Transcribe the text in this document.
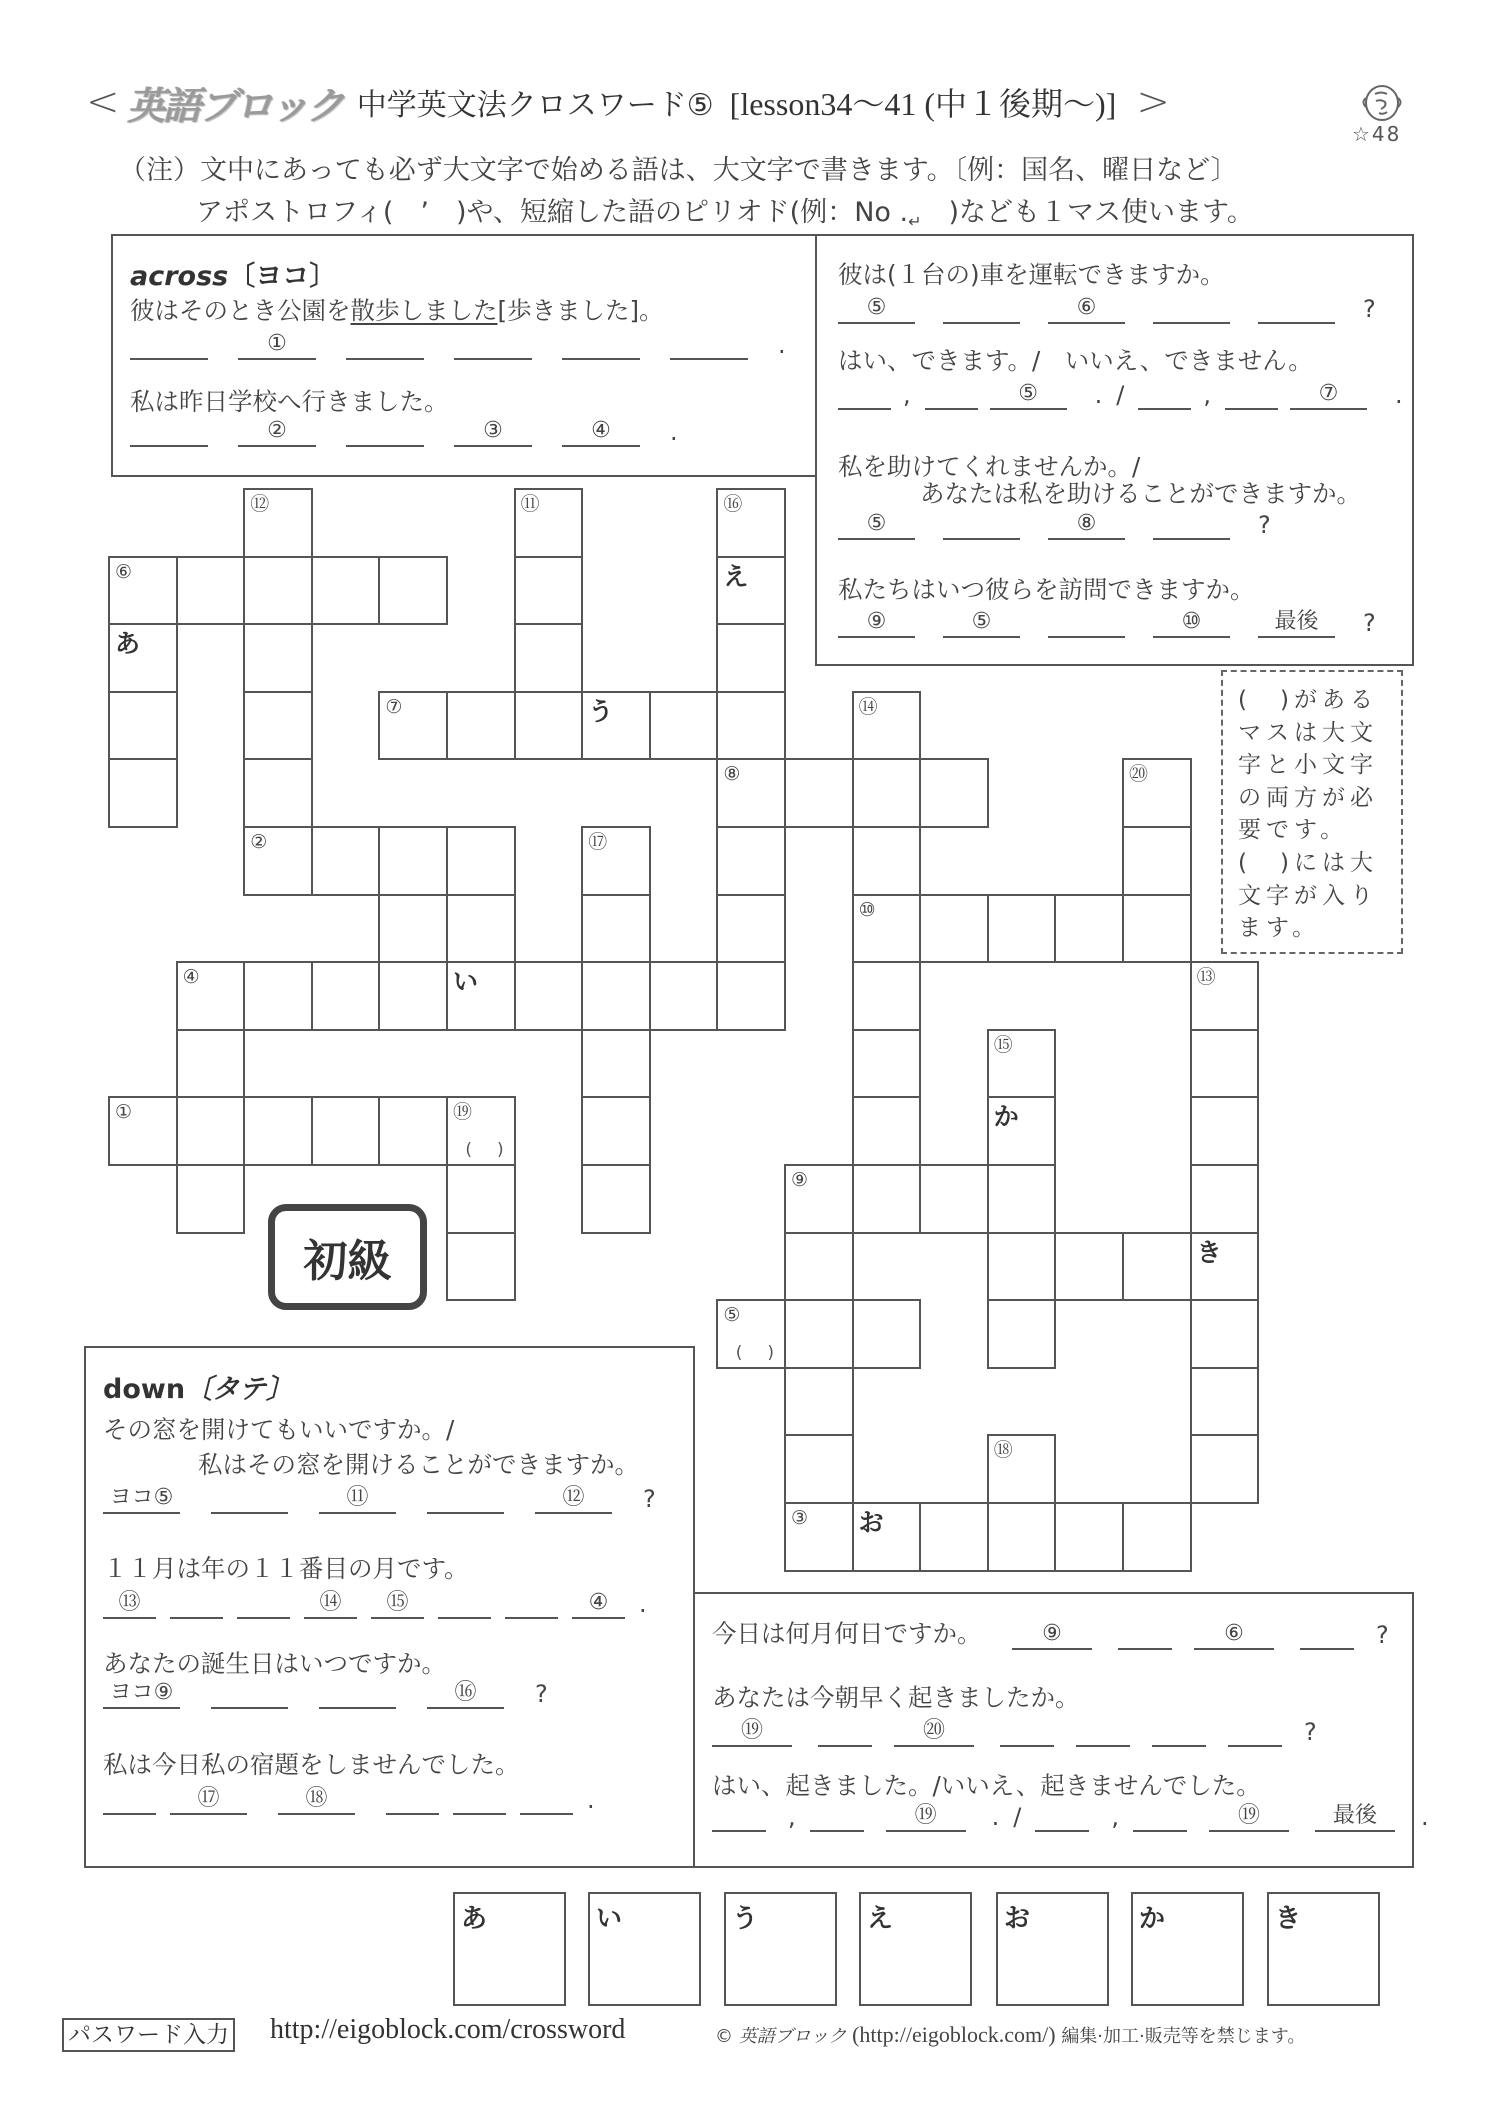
< 英語ブロック 中学英文法クロスワード⑤ [lesson34～41 (中１後期～)] >
☆48
（注）文中にあっても必ず大文字で始める語は、大文字で書きます。〔例：国名、曜日など〕
アポストロフィ(　’　)や、短縮した語のピリオド(例：No $._↵$　)なども１マス使います。
across〔ヨコ〕
彼はそのとき公園を散歩しました[歩きました]。
①	.
私は昨日学校へ行きました。
②	③	④	.
彼は(１台の)車を運転できますか。
⑤	⑥	?
はい、できます。/　いいえ、できません。
,	⑤	. /	,	⑦	.
私を助けてくれませんか。/
あなたは私を助けることができますか。
⑤	⑧	?
私たちはいつ彼らを訪問できますか。
⑨	⑤	⑩	最後	?
(　)がある
マスは大文
字と小文字
の両方が必
要です。
(　)には大
文字が入り
ます。
⑫	⑪	⑯
⑥	え
あ
⑦	う	⑭
⑧	⑳
②	⑰
⑩
④	い	⑬
⑮
①	⑲
(　)
か
⑨
き
⑤
(　)
⑱
③ お
初級
down〔タテ〕
その窓を開けてもいいですか。/
私はその窓を開けることができますか。
ヨコ⑤	⑪	⑫	?
１１月は年の１１番目の月です。
⑬	⑭	⑮	④	.
あなたの誕生日はいつですか。
ヨコ⑨	⑯	?
私は今日私の宿題をしませんでした。
⑰	⑱	.
今日は何月何日ですか。	⑨	⑥	?
あなたは今朝早く起きましたか。
⑲	⑳	?
はい、起きました。/いいえ、起きませんでした。
,	⑲	. /	,	⑲	最後	.
あ	い	う	え	お	か	き
パスワード入力 http://eigoblock.com/crossword	© 英語ブロック (http://eigoblock.com/) 編集·加工·販売等を禁じます。
